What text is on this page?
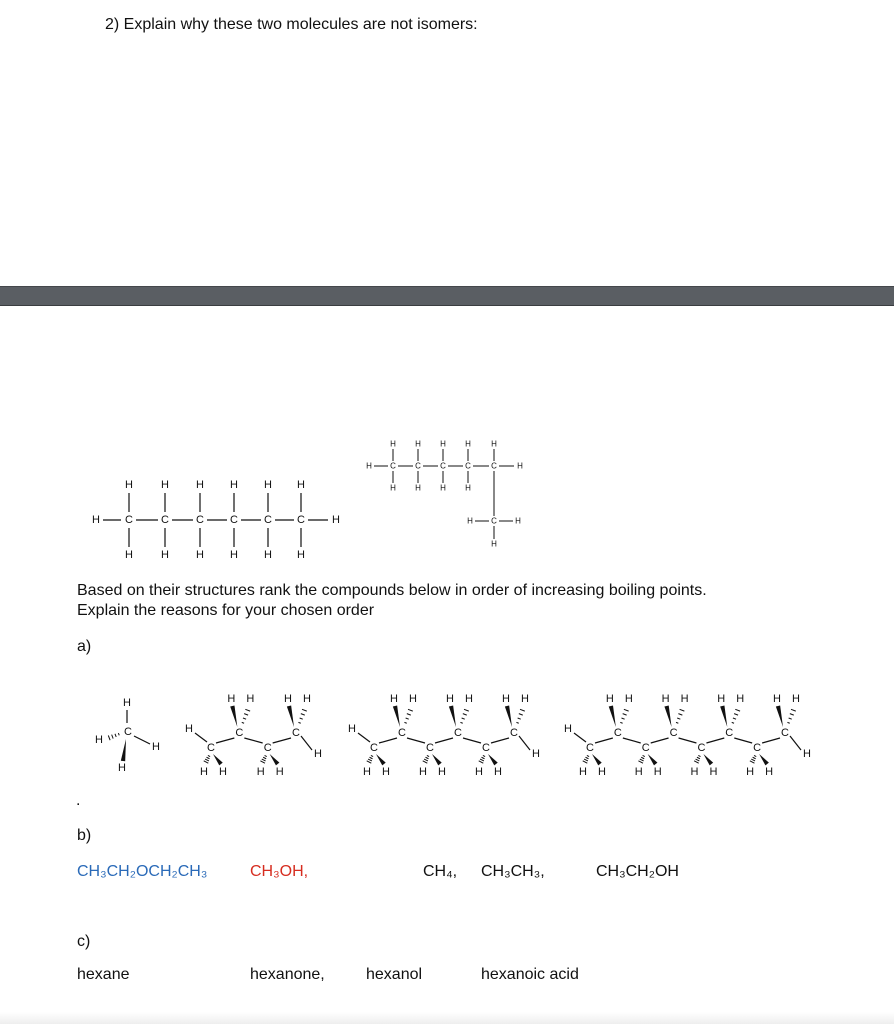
2) Explain why these two molecules are not isomers:
H C
H
H
C
H
H
C
H
H
C
H
H
C
H
H
C
H
H
H
H C
H
H
C
H
H
C
H
H
C
H
H
C
H
H
C
H	H
H
Based on their structures rank the compounds below in order of increasing boiling points.
Explain the reasons for your chosen order
a)
H
C
H
H
H
H
H
C
H H
C
H H
C
H H
C
H H
H
H
C
H H
C
H H
C
H H
C
H H
C
H H
C
H H
H
H
C
H H
C
H H
C
H H
C
H H
C
H H
C
H H
C
H H
C
H H
.
b)
CH₃CH₂OCH₂CH₃	CH₃OH,	CH₄, CH₃CH₃,	CH₃CH₂OH
c)
hexane	hexanone,	hexanol	hexanoic acid
